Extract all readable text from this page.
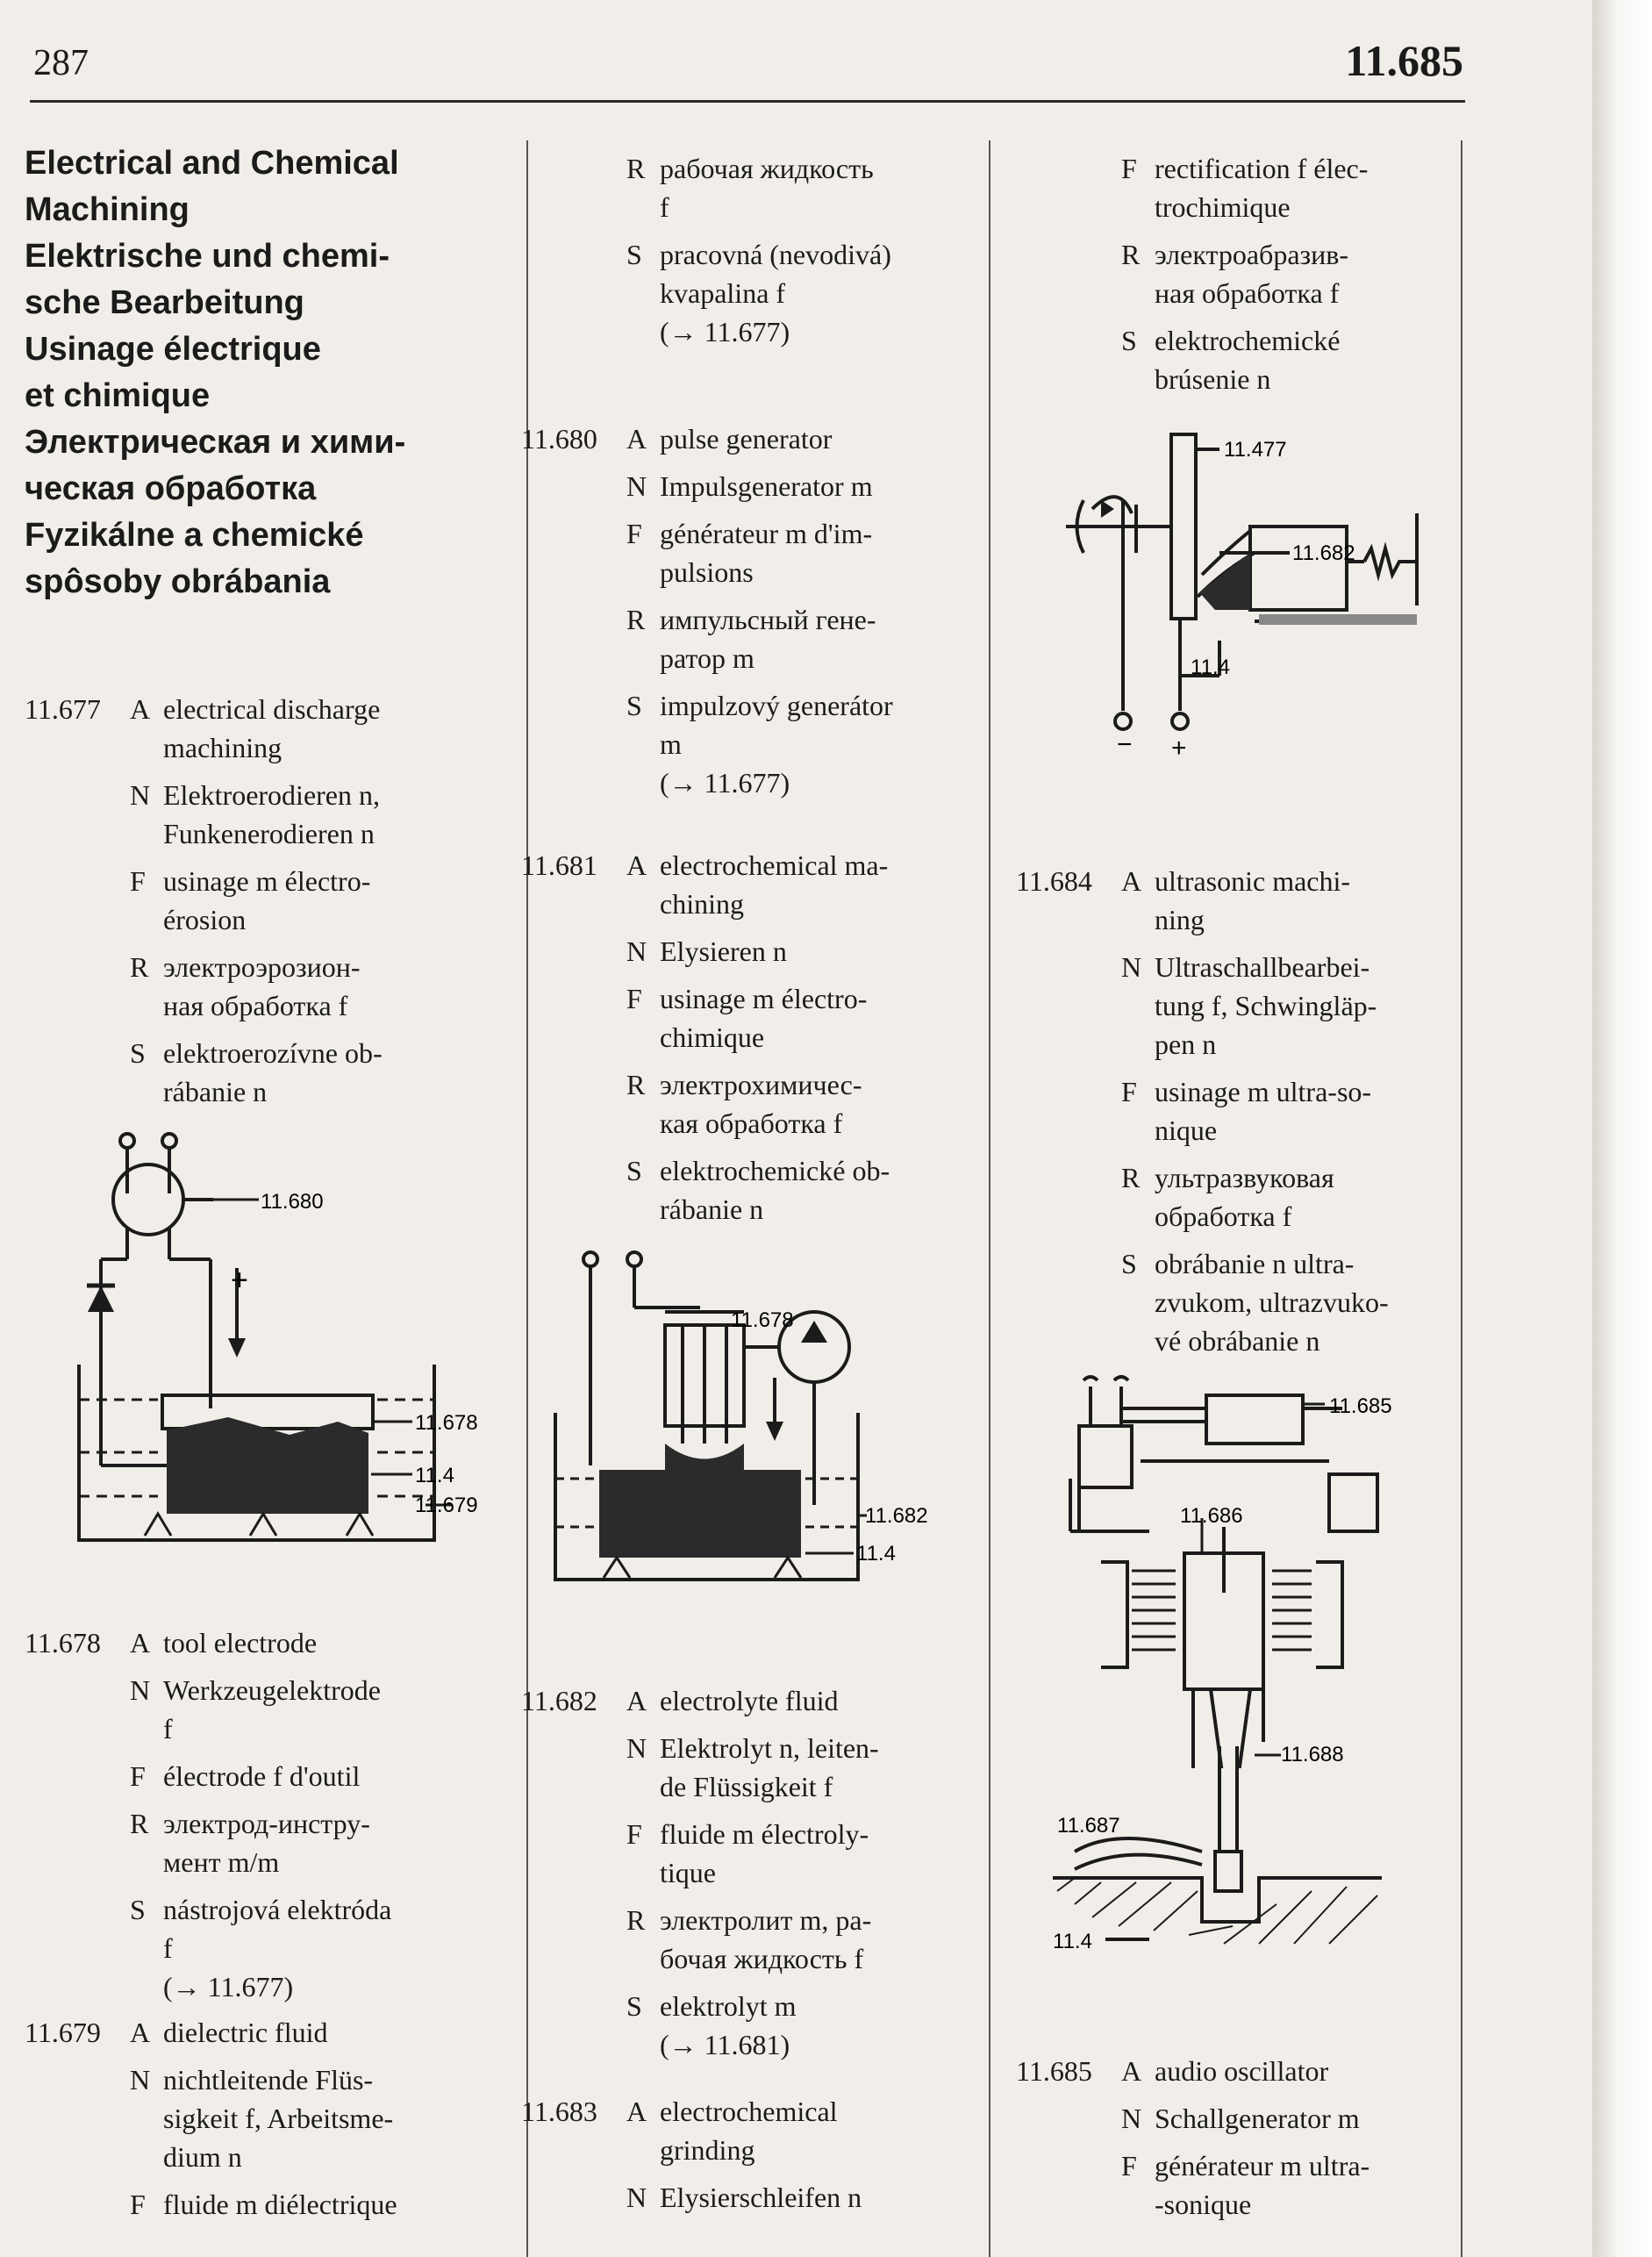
287	11.685
Electrical and Chemical
Machining
Elektrische und chemi-
sche Bearbeitung
Usinage électrique
et chimique
Электрическая и хими-
ческая обработка
Fyzikálne a chemické
spôsoby obrábania
11.677	A electrical discharge
machining
N Elektroerodieren n,
Funkenerodieren n
F usinage m électro-
érosion
R электроэрозион-
ная обработка f
S elektroerozívne ob-
rábanie n
11.678	A tool electrode
N Werkzeugelektrode
f
F électrode f d'outil
R электрод-инстру-
мент m/m
S nástrojová elektróda
f
(→ 11.677)
11.679	A dielectric fluid
N nichtleitende Flüs-
sigkeit f, Arbeitsme-
dium n
F fluide m diélectrique
R рабочая жидкость
f
S pracovná (nevodivá)
kvapalina f
(→ 11.677)
11.680	A pulse generator
N Impulsgenerator m
F générateur m d'im-
pulsions
R импульсный гене-
ратор m
S impulzový generátor
m
(→ 11.677)
11.681	A electrochemical ma-
chining
N Elysieren n
F usinage m électro-
chimique
R электрохимичес-
кая обработка f
S elektrochemické ob-
rábanie n
11.682	A electrolyte fluid
N Elektrolyt n, leiten-
de Flüssigkeit f
F fluide m électroly-
tique
R электролит m, ра-
бочая жидкость f
S elektrolyt m
(→ 11.681)
11.683	A electrochemical
grinding
N Elysierschleifen n
F rectification f élec-
trochimique
R электроабразив-
ная обработка f
S elektrochemické
brúsenie n
11.684	A ultrasonic machi-
ning
N Ultraschallbearbei-
tung f, Schwingläp-
pen n
F usinage m ultra-so-
nique
R ультразвуковая
обработка f
S obrábanie n ultra-
zvukom, ultrazvuko-
vé obrábanie n
11.685	A audio oscillator
N Schallgenerator m
F générateur m ultra-
-sonique
11.680
+
11.678
11.4
11.679
11.678
11.682
11.4
11.477
11.682
11.4
− +
11.685
11.686
11.688
11.687
11.4
